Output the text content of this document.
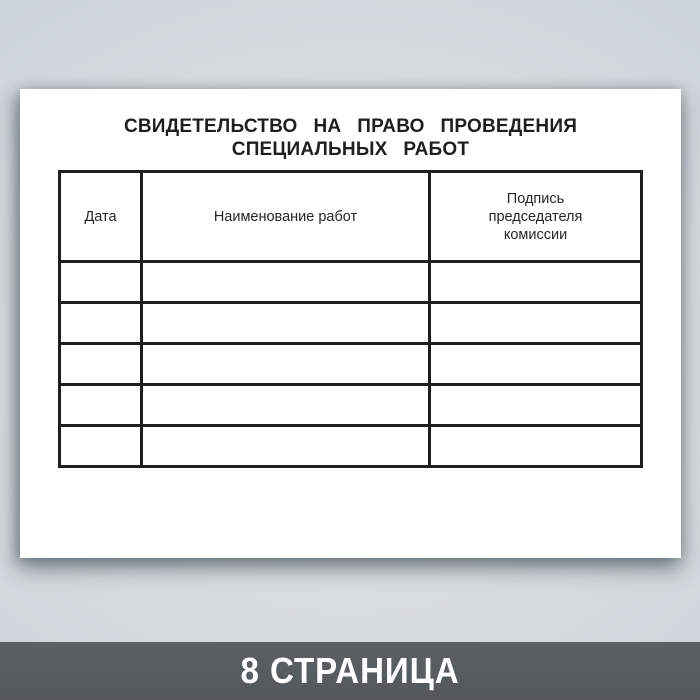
СВИДЕТЕЛЬСТВО НА ПРАВО ПРОВЕДЕНИЯ
СПЕЦИАЛЬНЫХ РАБОТ
Дата	Наименование работ	Подпись председателя комиссии

8 СТРАНИЦА
